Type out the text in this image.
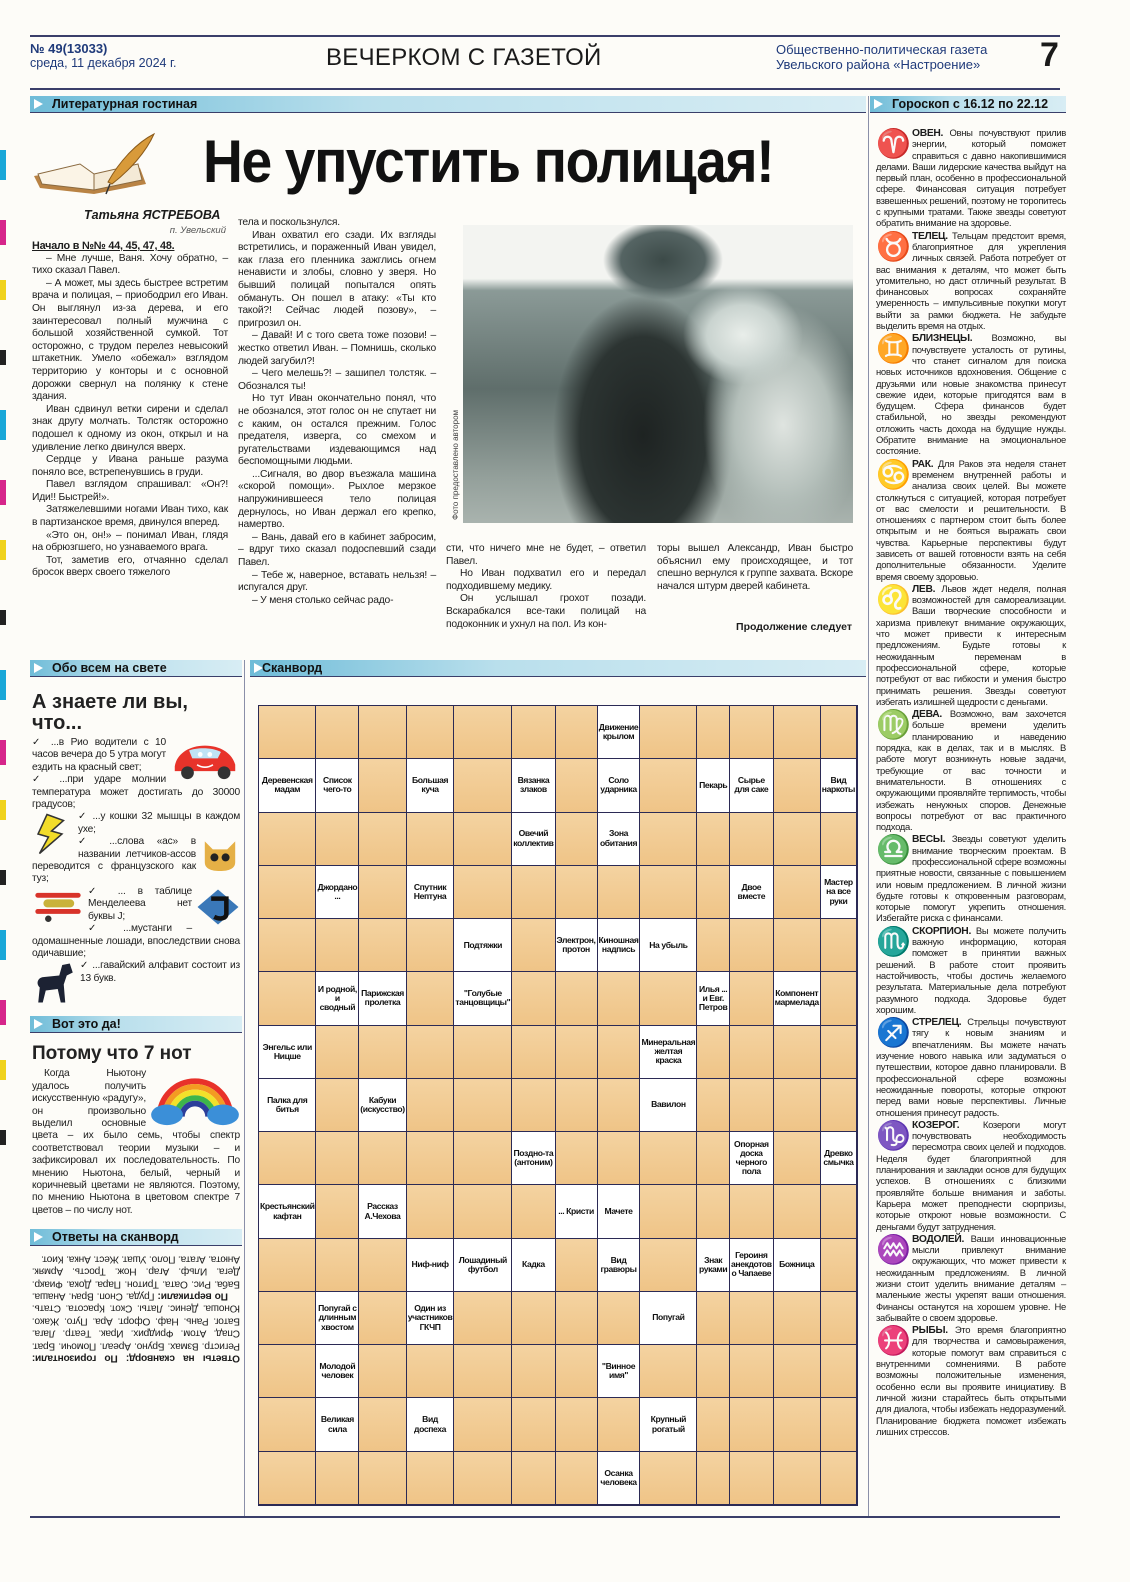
№ 49(13033)
среда, 11 декабря 2024 г.	ВЕЧЕРКОМ С ГАЗЕТОЙ	Общественно-политическая газета
Увельского района «Настроение» 7
Литературная гостиная	Гороскоп с 16.12 по 22.12
Не упустить полицая!
Татьяна ЯСТРЕБОВА
п. Увельский

Начало в №№ 44, 45, 47, 48.

– Мне лучше, Ваня. Хочу обратно, – тихо сказал Павел.

– А может, мы здесь быстрее встретим врача и полицая, – приободрил его Иван. Он выглянул из-за дерева, и его заинтересовал полный мужчина с большой хозяйственной сумкой. Тот осторожно, с трудом перелез невысокий штакетник. Умело «обежал» взглядом территорию у конторы и с основной дорожки свернул на полянку к стене здания.

Иван сдвинул ветки сирени и сделал знак другу молчать. Толстяк осторожно подошел к одному из окон, открыл и на удивление легко двинулся вверх.

Сердце у Ивана раньше разума поняло все, встрепенувшись в груди.

Павел взглядом спрашивал: «Он?! Иди!! Быстрей!».

Затяжелевшими ногами Иван тихо, как в партизанское время, двинулся вперед.

«Это он, он!» – понимал Иван, глядя на обрюзгшего, но узнаваемого врага.

Тот, заметив его, отчаянно сделал бросок вверх своего тяжелого

тела и поскользнулся.

Иван охватил его сзади. Их взгляды встретились, и пораженный Иван увидел, как глаза его пленника зажглись огнем ненависти и злобы, словно у зверя. Но бывший полицай попытался опять обмануть. Он пошел в атаку: «Ты кто такой?! Сейчас людей позову», – пригрозил он.

– Давай! И с того света тоже позови! – жестко ответил Иван. – Помнишь, сколько людей загубил?!

– Чего мелешь?! – зашипел толстяк. – Обознался ты!

Но тут Иван окончательно понял, что не обознался, этот голос он не спутает ни с каким, он остался прежним. Голос предателя, изверга, со смехом и ругательствами издевающимся над беспомощными людьми.

...Сигналя, во двор въезжала машина «скорой помощи». Рыхлое мерзкое напружинившееся тело полицая дернулось, но Иван держал его крепко, намертво.

– Вань, давай его в кабинет забросим, – вдруг тихо сказал подоспевший сзади Павел.

– Тебе ж, наверное, вставать нельзя! – испугался друг.

– У меня столько сейчас радо-

Фото предоставлено автором

сти, что ничего мне не будет, – ответил Павел.

Но Иван подхватил его и передал подходившему медику.

Он услышал грохот позади. Вскарабкался все-таки полицай на подоконник и ухнул на пол. Из кон-

торы вышел Александр, Иван быстро объяснил ему происходящее, и тот спешно вернулся к группе захвата. Вскоре начался штурм дверей кабинета.

Продолжение следует
♈ ОВЕН. Овны почувствуют прилив энергии, который поможет справиться с давно накопившимися делами. Ваши лидерские качества выйдут на первый план, особенно в профессиональной сфере. Финансовая ситуация потребует взвешенных решений, поэтому не торопитесь с крупными тратами. Также звезды советуют обратить внимание на здоровье.
♉ ТЕЛЕЦ. Тельцам предстоит время, благоприятное для укрепления личных связей. Работа потребует от вас внимания к деталям, что может быть утомительно, но даст отличный результат. В финансовых вопросах сохраняйте умеренность – импульсивные покупки могут выйти за рамки бюджета. Не забудьте выделить время на отдых.
♊ БЛИЗНЕЦЫ. Возможно, вы почувствуете усталость от рутины, что станет сигналом для поиска новых источников вдохновения. Общение с друзьями или новые знакомства принесут свежие идеи, которые пригодятся вам в будущем. Сфера финансов будет стабильной, но звезды рекомендуют отложить часть дохода на будущие нужды. Обратите внимание на эмоциональное состояние.
♋ РАК. Для Раков эта неделя станет временем внутренней работы и анализа своих целей. Вы можете столкнуться с ситуацией, которая потребует от вас смелости и решительности. В отношениях с партнером стоит быть более открытым и не бояться выражать свои чувства. Карьерные перспективы будут зависеть от вашей готовности взять на себя дополнительные обязанности. Уделите время своему здоровью.
♌ ЛЕВ. Львов ждет неделя, полная возможностей для самореализации. Ваши творческие способности и харизма привлекут внимание окружающих, что может привести к интересным предложениям. Будьте готовы к неожиданным переменам в профессиональной сфере, которые потребуют от вас гибкости и умения быстро принимать решения. Звезды советуют избегать излишней щедрости с деньгами.
♍ ДЕВА. Возможно, вам захочется больше времени уделить планированию и наведению порядка, как в делах, так и в мыслях. В работе могут возникнуть новые задачи, требующие от вас точности и внимательности. В отношениях с окружающими проявляйте терпимость, чтобы избежать ненужных споров. Денежные вопросы потребуют от вас практичного подхода.
♎ ВЕСЫ. Звезды советуют уделить внимание творческим проектам. В профессиональной сфере возможны приятные новости, связанные с повышением или новым предложением. В личной жизни будьте готовы к откровенным разговорам, которые помогут укрепить отношения. Избегайте риска с финансами.
♏ СКОРПИОН. Вы можете получить важную информацию, которая поможет в принятии важных решений. В работе стоит проявить настойчивость, чтобы достичь желаемого результата. Материальные дела потребуют разумного подхода. Здоровье будет хорошим.
♐ СТРЕЛЕЦ. Стрельцы почувствуют тягу к новым знаниям и впечатлениям. Вы можете начать изучение нового навыка или задуматься о путешествии, которое давно планировали. В профессиональной сфере возможны неожиданные повороты, которые откроют перед вами новые перспективы. Личные отношения принесут радость.
♑ КОЗЕРОГ. Козероги могут почувствовать необходимость пересмотра своих целей и подходов. Неделя будет благоприятной для планирования и закладки основ для будущих успехов. В отношениях с близкими проявляйте больше внимания и заботы. Карьера может преподнести сюрпризы, которые откроют новые возможности. С деньгами будут затруднения.
♒ ВОДОЛЕЙ. Ваши инновационные мысли привлекут внимание окружающих, что может привести к неожиданным предложениям. В личной жизни стоит уделить внимание деталям – маленькие жесты укрепят ваши отношения. Финансы останутся на хорошем уровне. Не забывайте о своем здоровье.
♓ РЫБЫ. Это время благоприятно для творчества и самовыражения, которые помогут вам справиться с внутренними сомнениями. В работе возможны положительные изменения, особенно если вы проявите инициативу. В личной жизни старайтесь быть открытыми для диалога, чтобы избежать недоразумений. Планирование бюджета поможет избежать лишних стрессов.
Сканворд
Обо всем на свете
А знаете ли вы, что...

✓ ...в Рио водители с 10 часов вечера до 5 утра могут ездить на красный свет;

✓ ...при ударе молнии температура может достигать до 30000 градусов;

✓ ...у кошки 32 мышцы в каждом ухе;

✓ ...слова «ас» в названии летчиков-ассов переводится с французского как туз;

✓ ... в таблице Менделеева нет буквы J;

✓ ...мустанги – одомашненные лошади, впоследствии снова одичавшие;

✓ ...гавайский алфавит состоит из 13 букв.

Вот это да!
Потому что 7 нот

Когда Ньютону удалось получить искусственную «радугу», он произвольно выделил основные цвета – их было семь, чтобы спектр соответствовал теории музыки – и зафиксировал их последовательность. По мнению Ньютона, белый, черный и коричневый цветами не являются. Поэтому, по мнению Ньютона в цветовом спектре 7 цветов – по числу нот.

Ответы на сканворд
Ответы на сканворд: По горизонтали: Регистр. Взмах. Бруно. Ареал. Помочи. Брат. Спад. Атом. Фридрих. Ирак. Театр. Лага. Батог. Рань. Наф. Офорт. Ара. Пуго. Жако. Юноша. Денис. Латы. Скот. Красота. Стать. По вертикали: Груда. Сноп. Врач. Анаша. Баба. Рис. Оата. Тритон. Пара. Дока. Фиакр. Дега. Ильф. Агар. Нож. Трость. Армяк. Анюта. Агата. Поло. Ушат. Жест. Анка. Киот.
Движение крылом
Деревенская мадам
Список чего-то
Большая куча
Вязанка злаков
Соло ударника	Пекарь	Сырье для саке
Вид наркоты
Овечий коллектив
Зона обитания
Джордано ...
Спутник Нептуна
Двое вместе
Мастер на все руки
Подтяжки	Электрон, протон
Киношная надпись	На убыль
И родной, и сводный
Парижская пролетка
"Голубые танцовщицы"
Илья ... и Евг. Петров
Компонент мармелада
Энгельс или Ницше
Минеральная желтая краска
Палка для битья
Кабуки (искусство)	Вавилон
Поздно-та (антоним)
Опорная доска черного пола
Древко смычка
Крестьянский кафтан
Рассказ А.Чехова	... Кристи	Мачете
Ниф-ниф	Лошадиный футбол	Кадка	Вид гравюры
Знак руками
Героиня анекдотов о Чапаеве
Божница
Попугай с длинным хвостом
Один из участников ГКЧП
Попугай
Молодой человек
"Винное имя"
Великая сила
Вид доспеха
Крупный рогатый
Осанка человека
